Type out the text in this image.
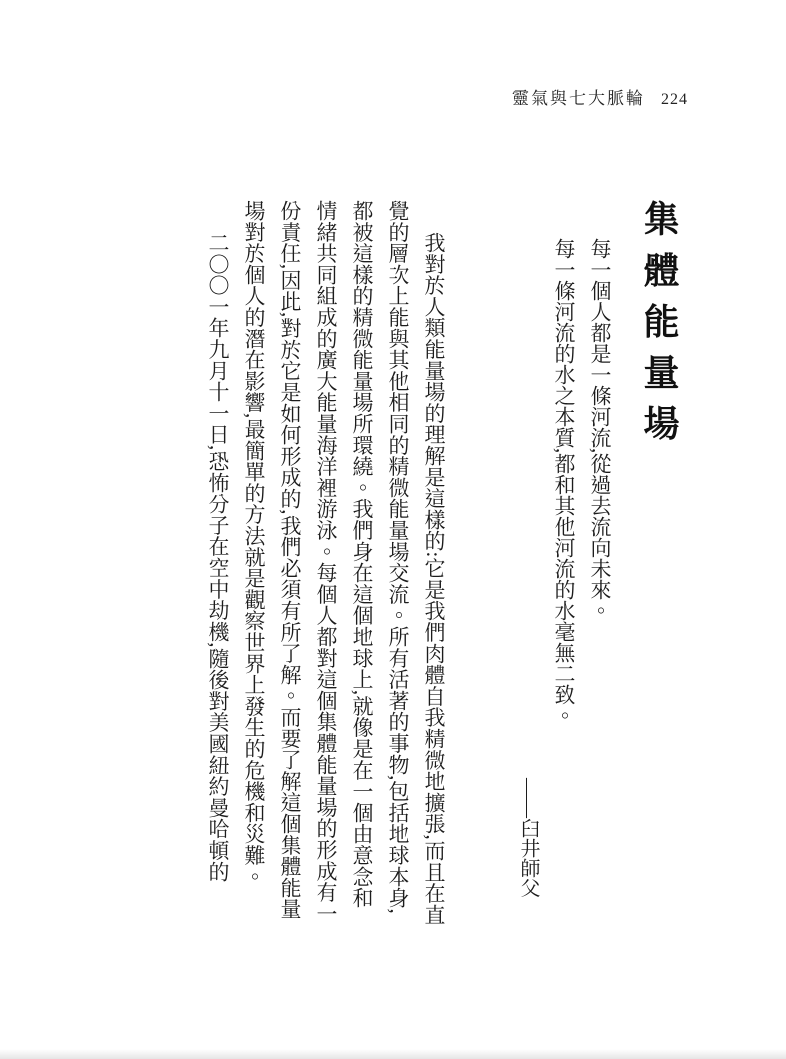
靈氣與七大脈輪 224
集體能量場

每一個人都是一條河流,從過去流向未來。

每一條河流的水之本質,都和其他河流的水毫無二致。

——臼井師父

我對於人類能量場的理解是這樣的:它是我們肉體自我精微地擴張,而且在直覺的層次上能與其他相同的精微能量場交流。所有活著的事物,包括地球本身,都被這樣的精微能量場所環繞。我們身在這個地球上,就像是在一個由意念和情緒共同組成的廣大能量海洋裡游泳。每個人都對這個集體能量場的形成有一份責任,因此,對於它是如何形成的,我們必須有所了解。而要了解這個集體能量場對於個人的潛在影響,最簡單的方法就是觀察世界上發生的危機和災難。

二〇〇一年九月十一日,恐怖分子在空中劫機,隨後對美國紐約曼哈頓的
